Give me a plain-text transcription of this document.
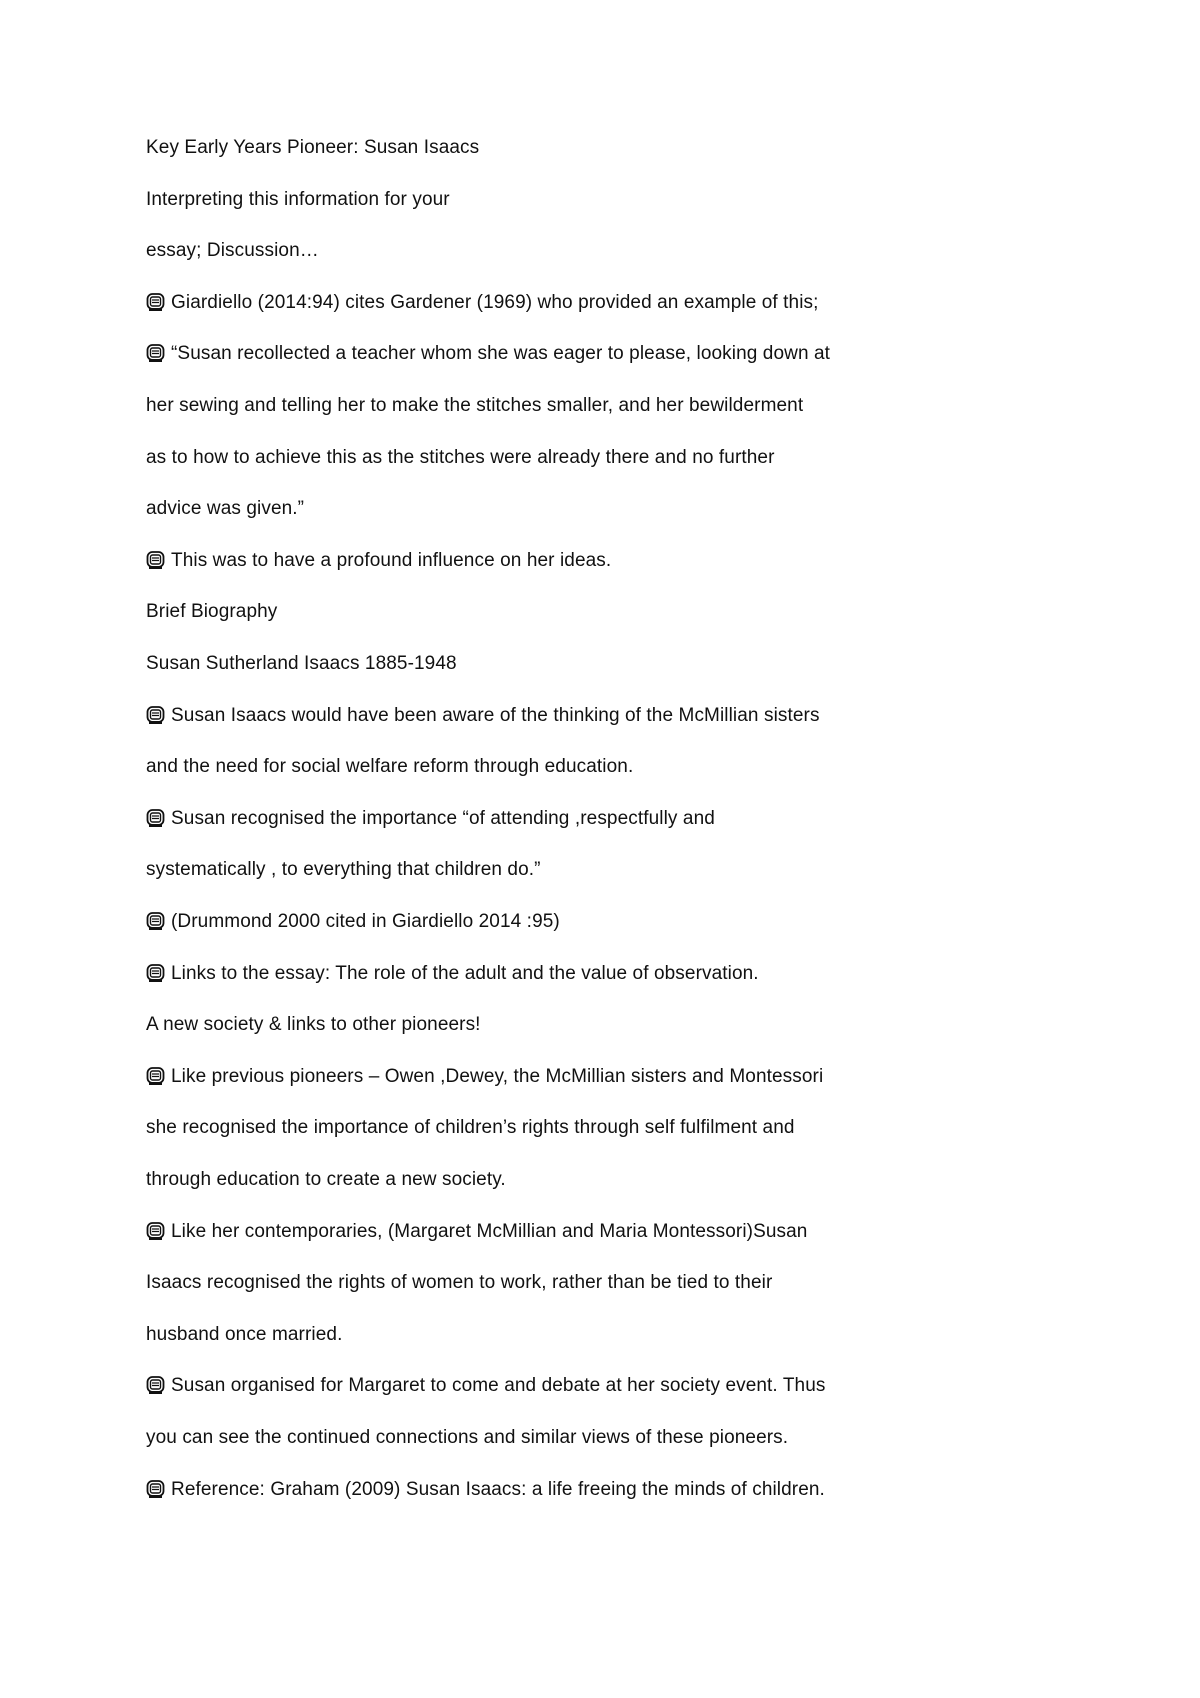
Key Early Years Pioneer: Susan Isaacs
Interpreting this information for your
essay; Discussion…
Giardiello (2014:94) cites Gardener (1969) who provided an example of this;
“Susan recollected a teacher whom she was eager to please, looking down at
her sewing and telling her to make the stitches smaller, and her bewilderment
as to how to achieve this as the stitches were already there and no further
advice was given.”
This was to have a profound influence on her ideas.
Brief Biography
Susan Sutherland Isaacs 1885-1948
Susan Isaacs would have been aware of the thinking of the McMillian sisters
and the need for social welfare reform through education.
Susan recognised the importance “of attending ,respectfully and
systematically , to everything that children do.”
(Drummond 2000 cited in Giardiello 2014 :95)
Links to the essay: The role of the adult and the value of observation.
A new society & links to other pioneers!
Like previous pioneers – Owen ,Dewey, the McMillian sisters and Montessori
she recognised the importance of children’s rights through self fulfilment and
through education to create a new society.
Like her contemporaries, (Margaret McMillian and Maria Montessori)Susan
Isaacs recognised the rights of women to work, rather than be tied to their
husband once married.
Susan organised for Margaret to come and debate at her society event. Thus
you can see the continued connections and similar views of these pioneers.
Reference: Graham (2009) Susan Isaacs: a life freeing the minds of children.
